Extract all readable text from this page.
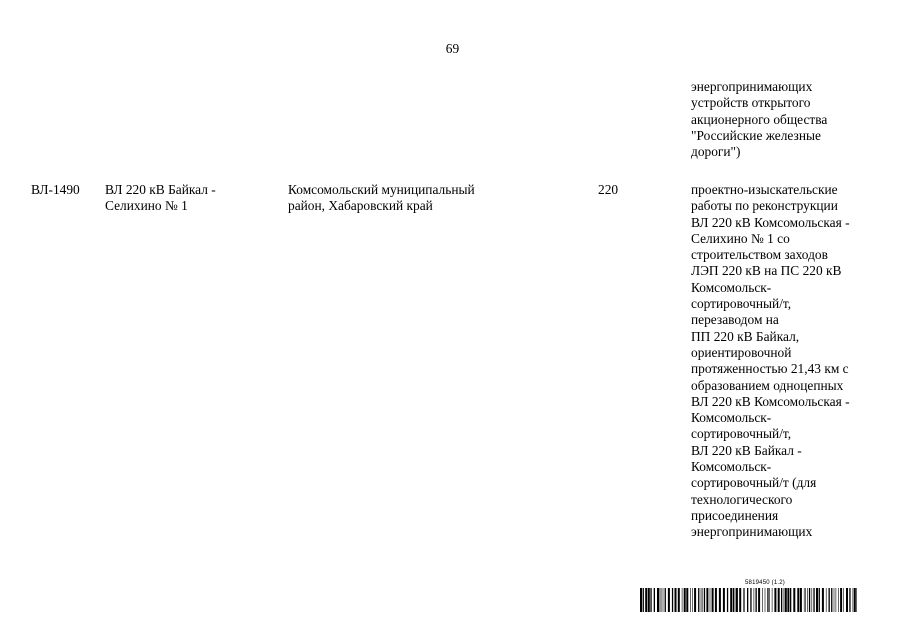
69
энергопринимающих
устройств открытого
акционерного общества
"Российские железные
дороги")
ВЛ-1490	ВЛ 220 кВ Байкал -
Селихино № 1
Комсомольский муниципальный
район, Хабаровский край
220	проектно-изыскательские
работы по реконструкции
ВЛ 220 кВ Комсомольская -
Селихино № 1 со
строительством заходов
ЛЭП 220 кВ на ПС 220 кВ
Комсомольск-
сортировочный/т,
перезаводом на
ПП 220 кВ Байкал,
ориентировочной
протяженностью 21,43 км с
образованием одноцепных
ВЛ 220 кВ Комсомольская -
Комсомольск-
сортировочный/т,
ВЛ 220 кВ Байкал -
Комсомольск-
сортировочный/т (для
технологического
присоединения
энергопринимающих
5819450 (1.2)
